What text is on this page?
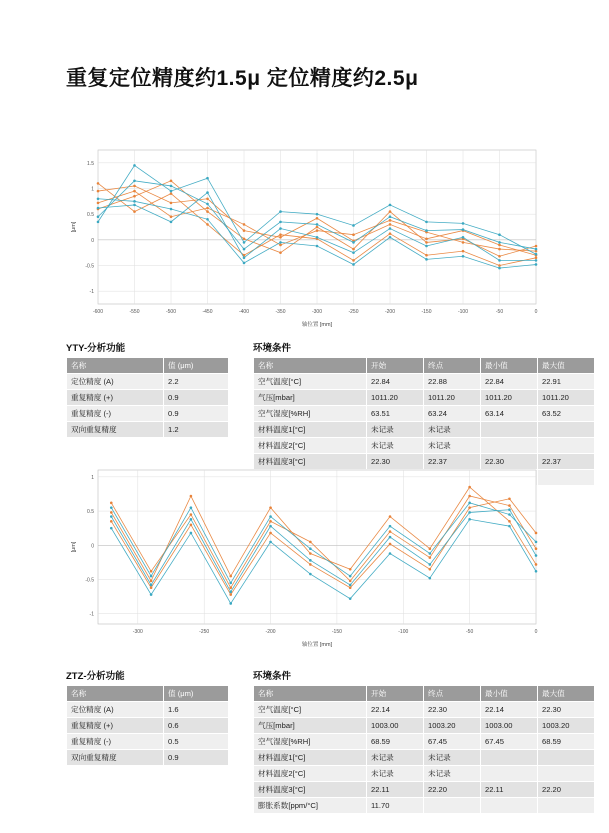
重复定位精度约1.5μ 定位精度约2.5μ
-600	-550	-500	-450	-400	-350	-300	-250	-200	-150	-100	-50	0
-1
-0.5
0
0.5
1
1.5
轴位置 [mm]
[μm]
YTY-分析功能
名称	值 (μm)
定位精度 (A)	2.2
重复精度 (+)	0.9
重复精度 (-)	0.9
双向重复精度	1.2
环境条件
名称	开始	终点	最小值	最大值
空气温度[°C]	22.84	22.88	22.84	22.91
气压[mbar]	1011.20	1011.20	1011.20	1011.20
空气湿度[%RH]	63.51	63.24	63.14	63.52
材料温度1[°C]	未记录	未记录		
材料温度2[°C]	未记录	未记录		
材料温度3[°C]	22.30	22.37	22.30	22.37

-300	-250	-200	-150	-100	-50	0
-1
-0.5
0
0.5
1
轴位置 [mm]
[μm]
ZTZ-分析功能
名称	值 (μm)
定位精度 (A)	1.6
重复精度 (+)	0.6
重复精度 (-)	0.5
双向重复精度	0.9
环境条件
名称	开始	终点	最小值	最大值
空气温度[°C]	22.14	22.30	22.14	22.30
气压[mbar]	1003.00	1003.20	1003.00	1003.20
空气湿度[%RH]	68.59	67.45	67.45	68.59
材料温度1[°C]	未记录	未记录		
材料温度2[°C]	未记录	未记录		
材料温度3[°C]	22.11	22.20	22.11	22.20
膨胀系数[ppm/°C]	11.70			
